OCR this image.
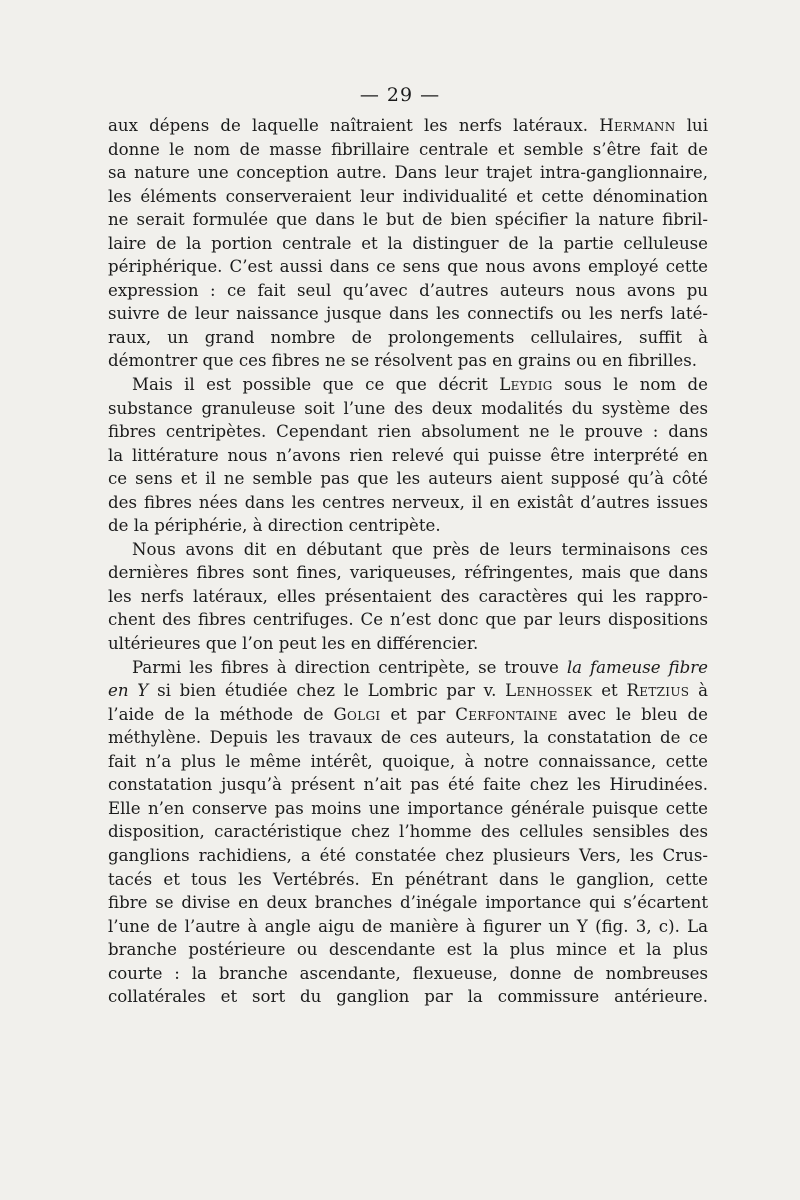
— 29 —
aux dépens de laquelle naîtraient les nerfs latéraux. Hermann lui
donne le nom de masse fibrillaire centrale et semble s’être fait de
sa nature une conception autre. Dans leur trajet intra-ganglionnaire,
les éléments conserveraient leur individualité et cette dénomination
ne serait formulée que dans le but de bien spécifier la nature fibril-
laire de la portion centrale et la distinguer de la partie celluleuse
périphérique. C’est aussi dans ce sens que nous avons employé cette
expression : ce fait seul qu’avec d’autres auteurs nous avons pu
suivre de leur naissance jusque dans les connectifs ou les nerfs laté-
raux, un grand nombre de prolongements cellulaires, suffit à
démontrer que ces fibres ne se résolvent pas en grains ou en fibrilles.
Mais il est possible que ce que décrit Leydig sous le nom de
substance granuleuse soit l’une des deux modalités du système des
fibres centripètes. Cependant rien absolument ne le prouve : dans
la littérature nous n’avons rien relevé qui puisse être interprété en
ce sens et il ne semble pas que les auteurs aient supposé qu’à côté
des fibres nées dans les centres nerveux, il en existât d’autres issues
de la périphérie, à direction centripète.
Nous avons dit en débutant que près de leurs terminaisons ces
dernières fibres sont fines, variqueuses, réfringentes, mais que dans
les nerfs latéraux, elles présentaient des caractères qui les rappro-
chent des fibres centrifuges. Ce n’est donc que par leurs dispositions
ultérieures que l’on peut les en différencier.
Parmi les fibres à direction centripète, se trouve la fameuse fibre
en Y si bien étudiée chez le Lombric par v. Lenhossek et Retzius à
l’aide de la méthode de Golgi et par Cerfontaine avec le bleu de
méthylène. Depuis les travaux de ces auteurs, la constatation de ce
fait n’a plus le même intérêt, quoique, à notre connaissance, cette
constatation jusqu’à présent n’ait pas été faite chez les Hirudinées.
Elle n’en conserve pas moins une importance générale puisque cette
disposition, caractéristique chez l’homme des cellules sensibles des
ganglions rachidiens, a été constatée chez plusieurs Vers, les Crus-
tacés et tous les Vertébrés. En pénétrant dans le ganglion, cette
fibre se divise en deux branches d’inégale importance qui s’écartent
l’une de l’autre à angle aigu de manière à figurer un Y (fig. 3, c). La
branche postérieure ou descendante est la plus mince et la plus
courte : la branche ascendante, flexueuse, donne de nombreuses
collatérales et sort du ganglion par la commissure antérieure.
